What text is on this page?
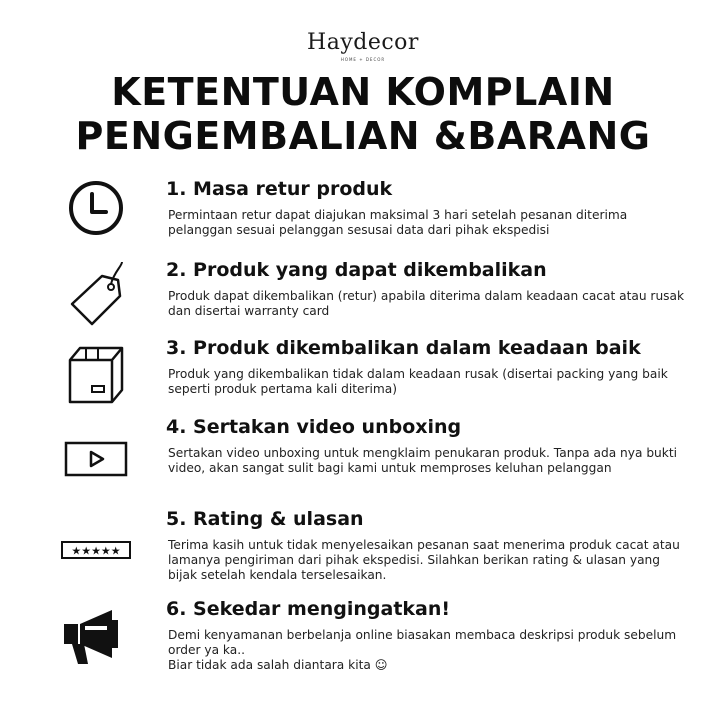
Haydecor
HOME + DECOR
KETENTUAN KOMPLAIN
PENGEMBALIAN &BARANG
1. Masa retur produk
Permintaan retur dapat diajukan maksimal 3 hari setelah pesanan diterima pelanggan sesuai pelanggan sesusai data dari pihak ekspedisi
2. Produk yang dapat dikembalikan
Produk dapat dikembalikan (retur) apabila diterima dalam keadaan cacat atau rusak dan disertai warranty card
3. Produk dikembalikan dalam keadaan baik
Produk yang dikembalikan tidak dalam keadaan rusak (disertai packing yang baik seperti produk pertama kali diterima)
4. Sertakan video unboxing
Sertakan video unboxing untuk mengklaim penukaran produk. Tanpa ada nya bukti video, akan sangat sulit bagi kami untuk memproses keluhan pelanggan
★★★★★
5. Rating & ulasan
Terima kasih untuk tidak menyelesaikan pesanan saat menerima produk cacat atau lamanya pengiriman dari pihak ekspedisi. Silahkan berikan rating & ulasan yang bijak setelah kendala terselesaikan.
6. Sekedar mengingatkan!
Demi kenyamanan berbelanja online biasakan membaca deskripsi produk sebelum order ya ka..
Biar tidak ada salah diantara kita ☺
